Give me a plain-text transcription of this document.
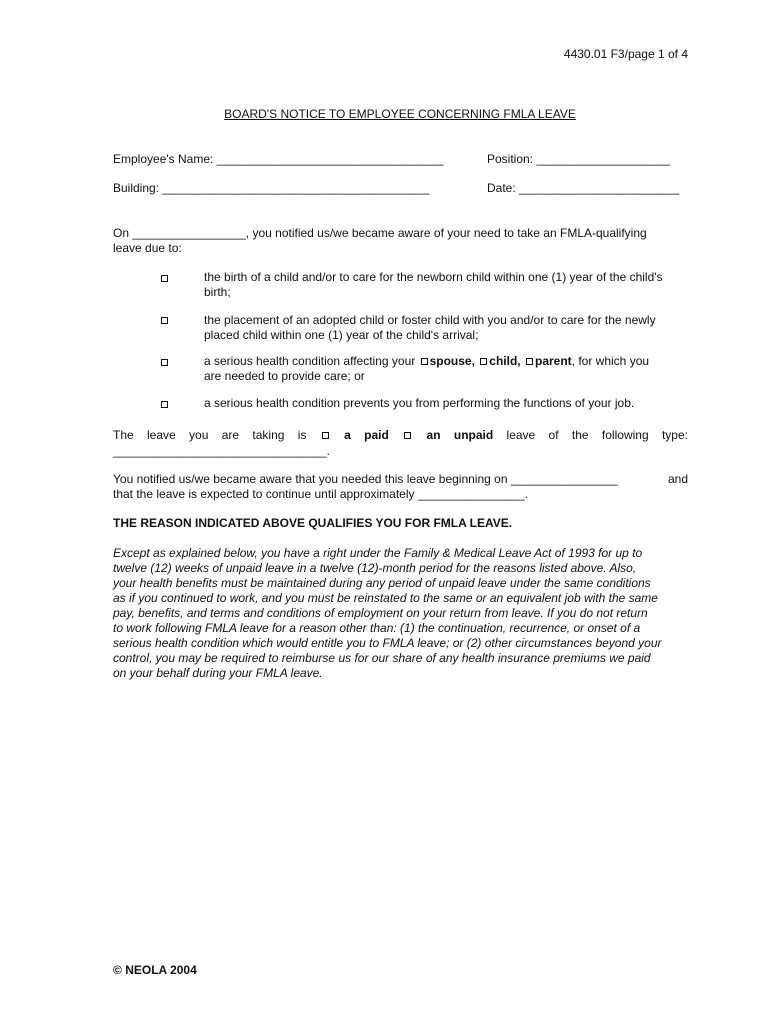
4430.01 F3/page 1 of 4
BOARD'S NOTICE TO EMPLOYEE CONCERNING FMLA LEAVE
Employee's Name: __________________________________	Position: ____________________
Building: ________________________________________	Date: ________________________
On _________________, you notified us/we became aware of your need to take an FMLA-qualifying
leave due to:
the birth of a child and/or to care for the newborn child within one (1) year of the child's
birth;
the placement of an adopted child or foster child with you and/or to care for the newly
placed child within one (1) year of the child's arrival;
a serious health condition affecting your spouse, child, parent, for which you
are needed to provide care; or
a serious health condition prevents you from performing the functions of your job.
The leave you are taking is	a paid	an unpaid leave of the following type:
________________________________.
You notified us/we became aware that you needed this leave beginning on ________________	and
that the leave is expected to continue until approximately ________________.
THE REASON INDICATED ABOVE QUALIFIES YOU FOR FMLA LEAVE.
Except as explained below, you have a right under the Family & Medical Leave Act of 1993 for up to
twelve (12) weeks of unpaid leave in a twelve (12)-month period for the reasons listed above. Also,
your health benefits must be maintained during any period of unpaid leave under the same conditions
as if you continued to work, and you must be reinstated to the same or an equivalent job with the same
pay, benefits, and terms and conditions of employment on your return from leave. If you do not return
to work following FMLA leave for a reason other than: (1) the continuation, recurrence, or onset of a
serious health condition which would entitle you to FMLA leave; or (2) other circumstances beyond your
control, you may be required to reimburse us for our share of any health insurance premiums we paid
on your behalf during your FMLA leave.
© NEOLA 2004
